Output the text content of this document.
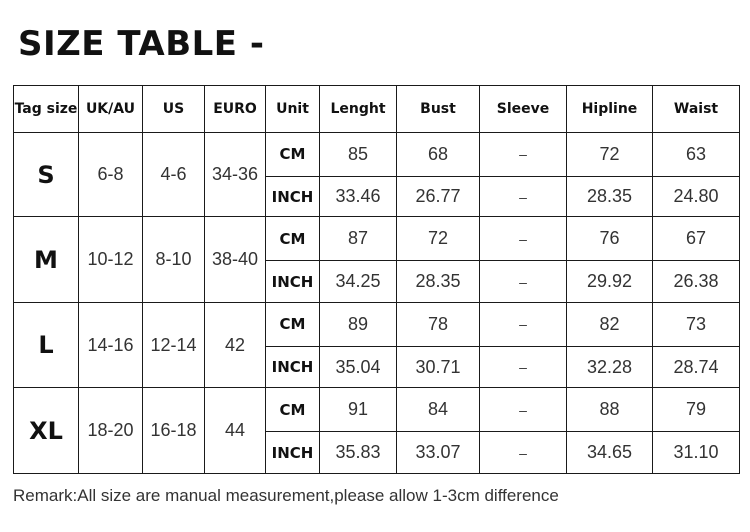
SIZE TABLE -
Tag size	UK/AU	US	EURO	Unit	Lenght	Bust	Sleeve	Hipline	Waist
S	6-8	4-6	34-36	CM	85	68	–	72	63
				INCH	33.46	26.77	–	28.35	24.80
M	10-12	8-10	38-40	CM	87	72	–	76	67
				INCH	34.25	28.35	–	29.92	26.38
L	14-16	12-14	42	CM	89	78	–	82	73
				INCH	35.04	30.71	–	32.28	28.74
XL	18-20	16-18	44	CM	91	84	–	88	79
				INCH	35.83	33.07	–	34.65	31.10
Remark:All size are manual measurement,please allow 1-3cm difference
